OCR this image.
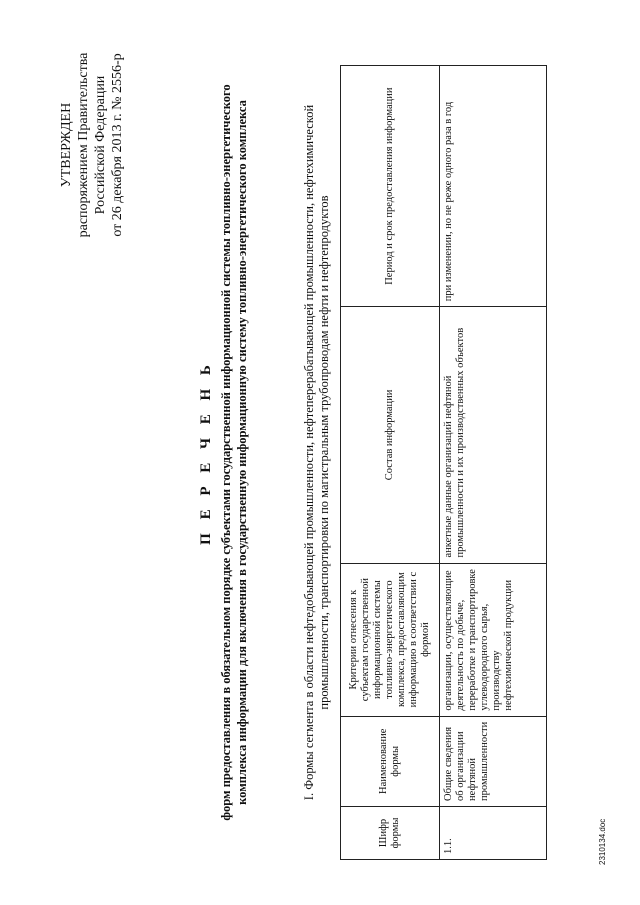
УТВЕРЖДЕН распоряжением Правительства Российской Федерации от 26 декабря 2013 г. № 2556-р
П Е Р Е Ч Е Н Ь форм предоставления в обязательном порядке субъектами государственной информационной системы топливно-энергетического комплекса информации для включения в государственную информационную систему топливно-энергетического комплекса	I. Формы сегмента в области нефтедобывающей промышленности, нефтеперерабатывающей промышленности, нефтехимической промышленности, транспортировки по магистральным трубопроводам нефти и нефтепродуктов
Шифр формы	Наименование формы	Критерии отнесения к субъектам государственной информационной системы топливно-энергетического комплекса, предоставляющим информацию в соответствии с формой	Состав информации	Период и срок предоставления информации
1.1.	Общие сведения об организации нефтяной промышленности	организации, осуществляющие деятельность по добыче, переработке и транспортировке углеводородного сырья, производству нефтехимической продукции	анкетные данные организаций нефтяной промышленности и их производственных объектов	при изменении, но не реже одного раза в год
2310134.doc
